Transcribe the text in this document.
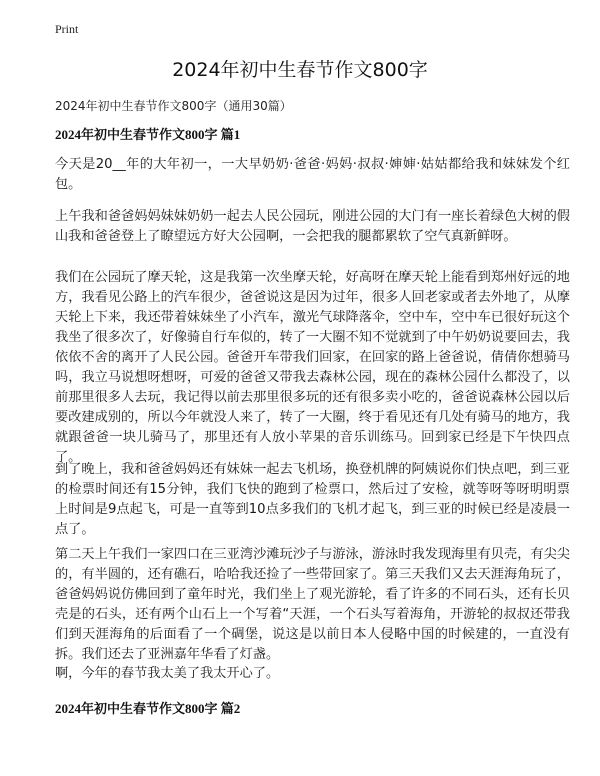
Print
2024年初中生春节作文800字

2024年初中生春节作文800字（通用30篇）

2024年初中生春节作文800字 篇1

今天是20__年的大年初一，一大早奶奶·爸爸·妈妈·叔叔·婶婶·姑姑都给我和妹妹发个红包。

上午我和爸爸妈妈妹妹奶奶一起去人民公园玩，刚进公园的大门有一座长着绿色大树的假山我和爸爸登上了瞭望远方好大公园啊，一会把我的腿都累软了空气真新鲜呀。

我们在公园玩了摩天轮，这是我第一次坐摩天轮，好高呀在摩天轮上能看到郑州好远的地方，我看见公路上的汽车很少，爸爸说这是因为过年，很多人回老家或者去外地了，从摩天轮上下来，我还带着妹妹坐了小汽车，激光气球降落伞，空中车，空中车已很好玩这个我坐了很多次了，好像骑自行车似的，转了一大圈不知不觉就到了中午奶奶说要回去，我依依不舍的离开了人民公园。爸爸开车带我们回家，在回家的路上爸爸说，倩倩你想骑马吗，我立马说想呀想呀，可爱的爸爸又带我去森林公园，现在的森林公园什么都没了，以前那里很多人去玩，我记得以前去那里很多玩的还有很多卖小吃的，爸爸说森林公园以后要改建成别的，所以今年就没人来了，转了一大圈，终于看见还有几处有骑马的地方，我就跟爸爸一块儿骑马了，那里还有人放小苹果的音乐训练马。回到家已经是下午快四点了。

到了晚上，我和爸爸妈妈还有妹妹一起去飞机场，换登机牌的阿姨说你们快点吧，到三亚的检票时间还有15分钟，我们飞快的跑到了检票口，然后过了安检，就等呀等呀明明票上时间是9点起飞，可是一直等到10点多我们的飞机才起飞，到三亚的时候已经是凌晨一点了。

第二天上午我们一家四口在三亚湾沙滩玩沙子与游泳，游泳时我发现海里有贝壳，有尖尖的，有半圆的，还有礁石，哈哈我还捡了一些带回家了。第三天我们又去天涯海角玩了，爸爸妈妈说仿佛回到了童年时光，我们坐上了观光游轮，看了许多的不同石头，还有长贝壳是的石头，还有两个山石上一个写着“天涯，一个石头写着海角，开游轮的叔叔还带我们到天涯海角的后面看了一个碉堡，说这是以前日本人侵略中国的时候建的，一直没有拆。我们还去了亚洲嘉年华看了灯盏。

啊，今年的春节我太美了我太开心了。

2024年初中生春节作文800字 篇2
